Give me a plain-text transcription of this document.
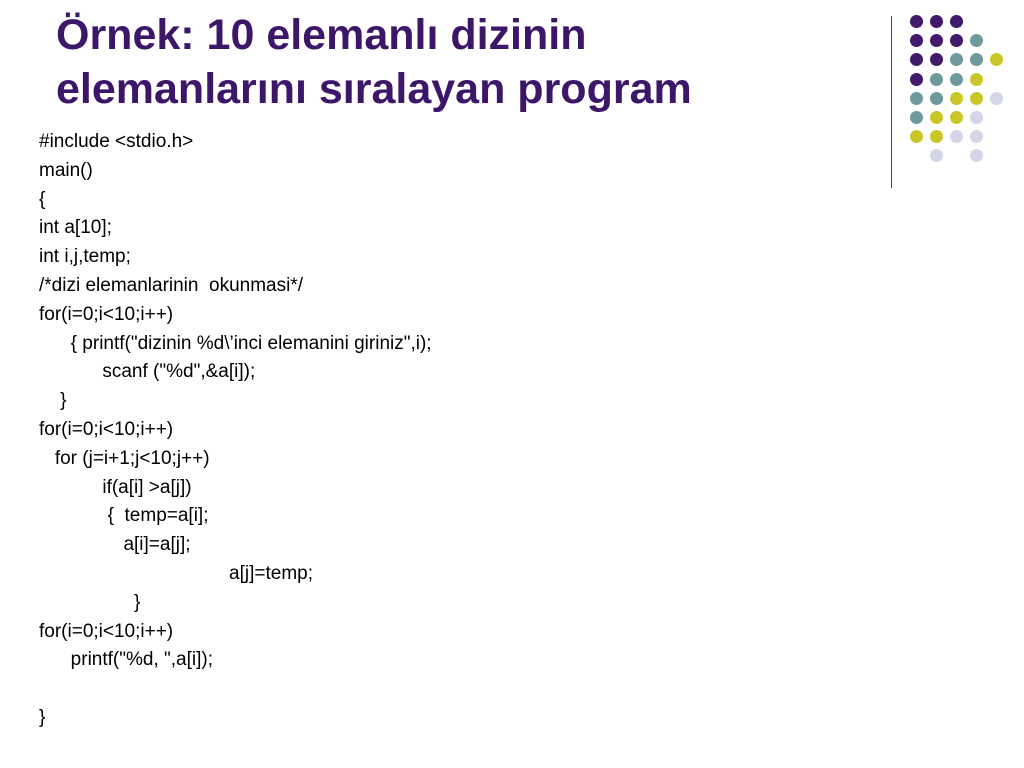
Örnek: 10 elemanlı dizinin
elemanlarını sıralayan program
#include <stdio.h>
main()
{
int a[10];
int i,j,temp;
/*dizi elemanlarinin  okunmasi*/
for(i=0;i<10;i++)
{ printf("dizinin %d\’inci elemanini giriniz",i);
scanf ("%d",&a[i]);
}
for(i=0;i<10;i++)
for (j=i+1;j<10;j++)
if(a[i] >a[j])
{  temp=a[i];
a[i]=a[j];
a[j]=temp;
}
for(i=0;i<10;i++)
printf("%d, ",a[i]);
}
